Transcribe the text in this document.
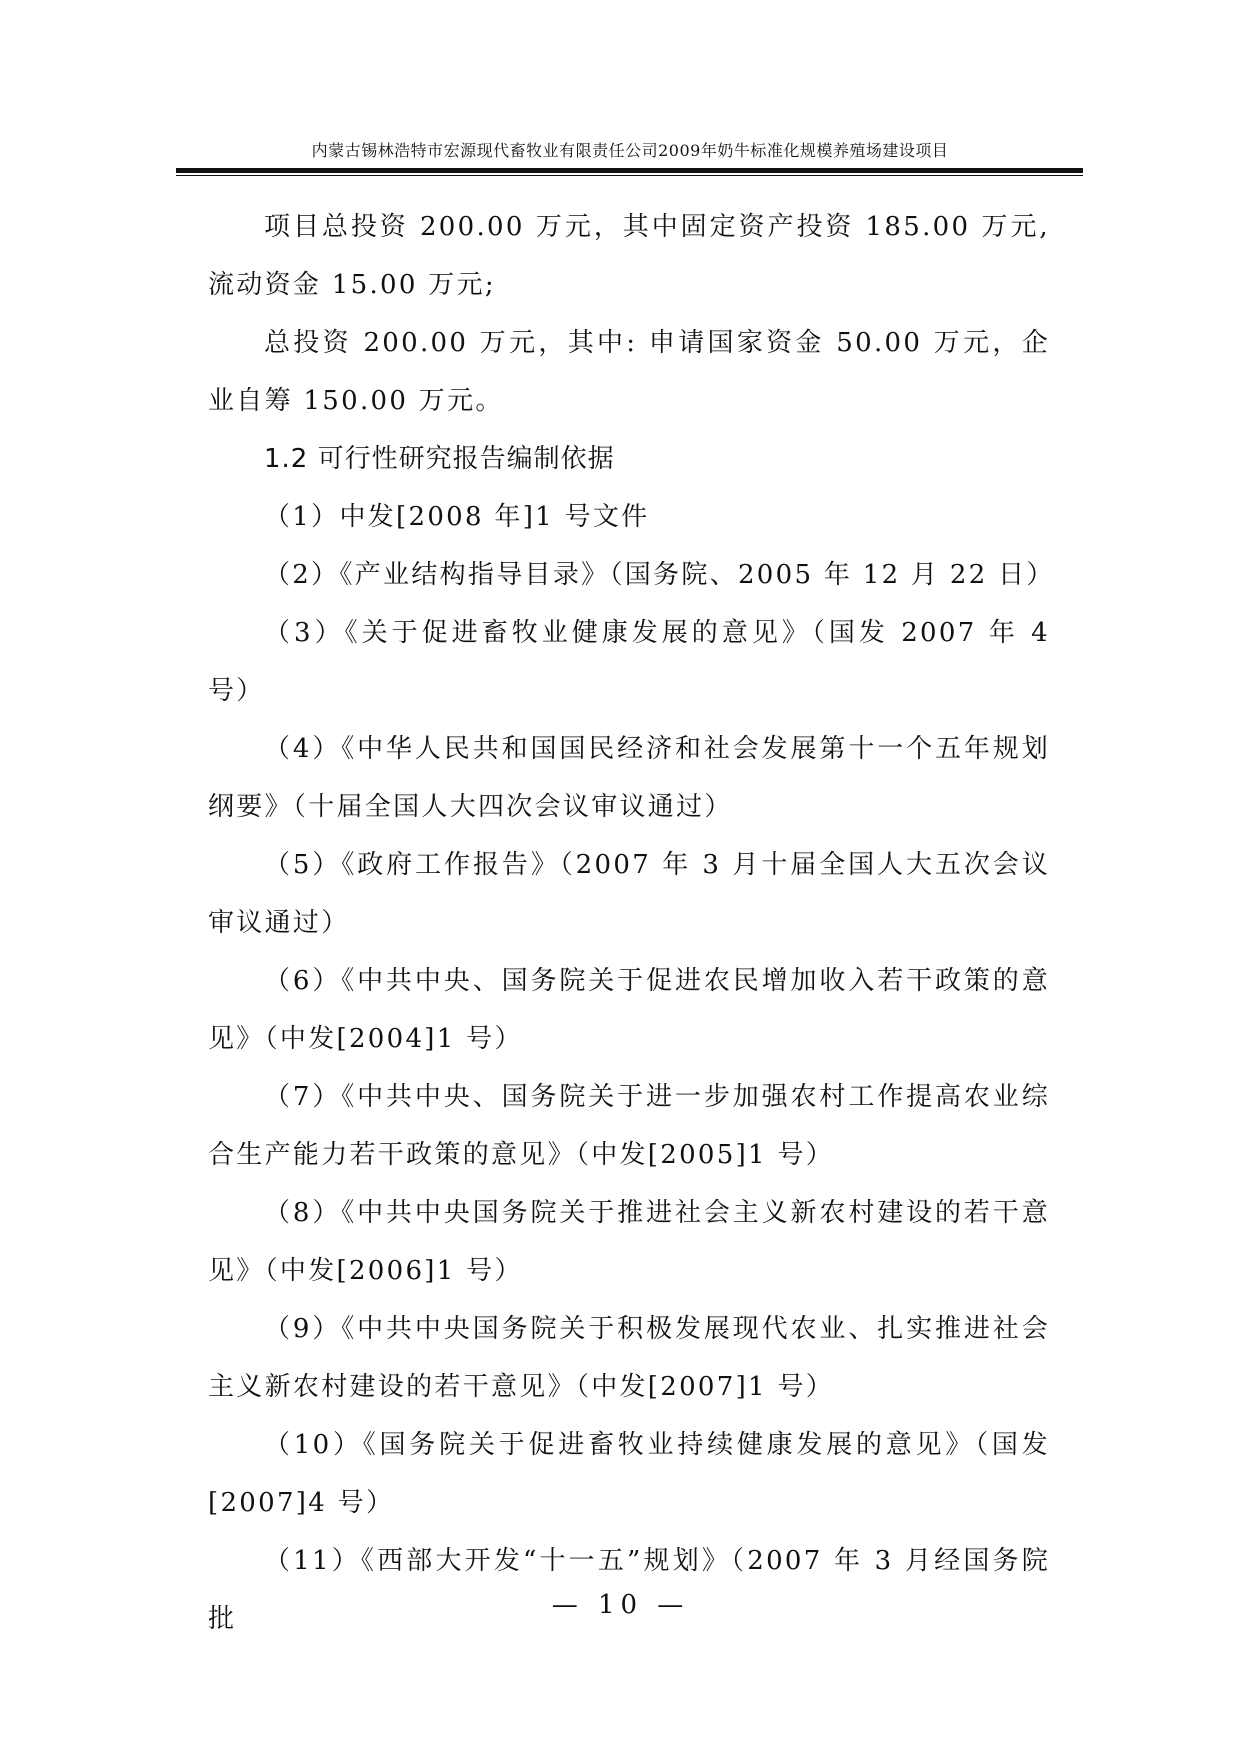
内蒙古锡林浩特市宏源现代畜牧业有限责任公司2009年奶牛标准化规模养殖场建设项目

项目总投资 200.00 万元，其中固定资产投资 185.00 万元,流动资金 15.00 万元;

总投资 200.00 万元，其中: 申请国家资金 50.00 万元，企业自筹 150.00 万元。

1.2 可行性研究报告编制依据

（1）中发[2008 年]1 号文件

（2）《产业结构指导目录》（国务院、2005 年 12 月 22 日）

（3）《关于促进畜牧业健康发展的意见》（国发 2007 年 4 号）

（4）《中华人民共和国国民经济和社会发展第十一个五年规划纲要》（十届全国人大四次会议审议通过）

（5）《政府工作报告》（2007 年 3 月十届全国人大五次会议审议通过）

（6）《中共中央、国务院关于促进农民增加收入若干政策的意见》（中发[2004]1 号）

（7）《中共中央、国务院关于进一步加强农村工作提高农业综合生产能力若干政策的意见》（中发[2005]1 号）

（8）《中共中央国务院关于推进社会主义新农村建设的若干意见》（中发[2006]1 号）

（9）《中共中央国务院关于积极发展现代农业、扎实推进社会主义新农村建设的若干意见》（中发[2007]1 号）

（10）《国务院关于促进畜牧业持续健康发展的意见》（国发[2007]4 号）

（11）《西部大开发“十一五”规划》（2007 年 3 月经国务院批	— 10 —
